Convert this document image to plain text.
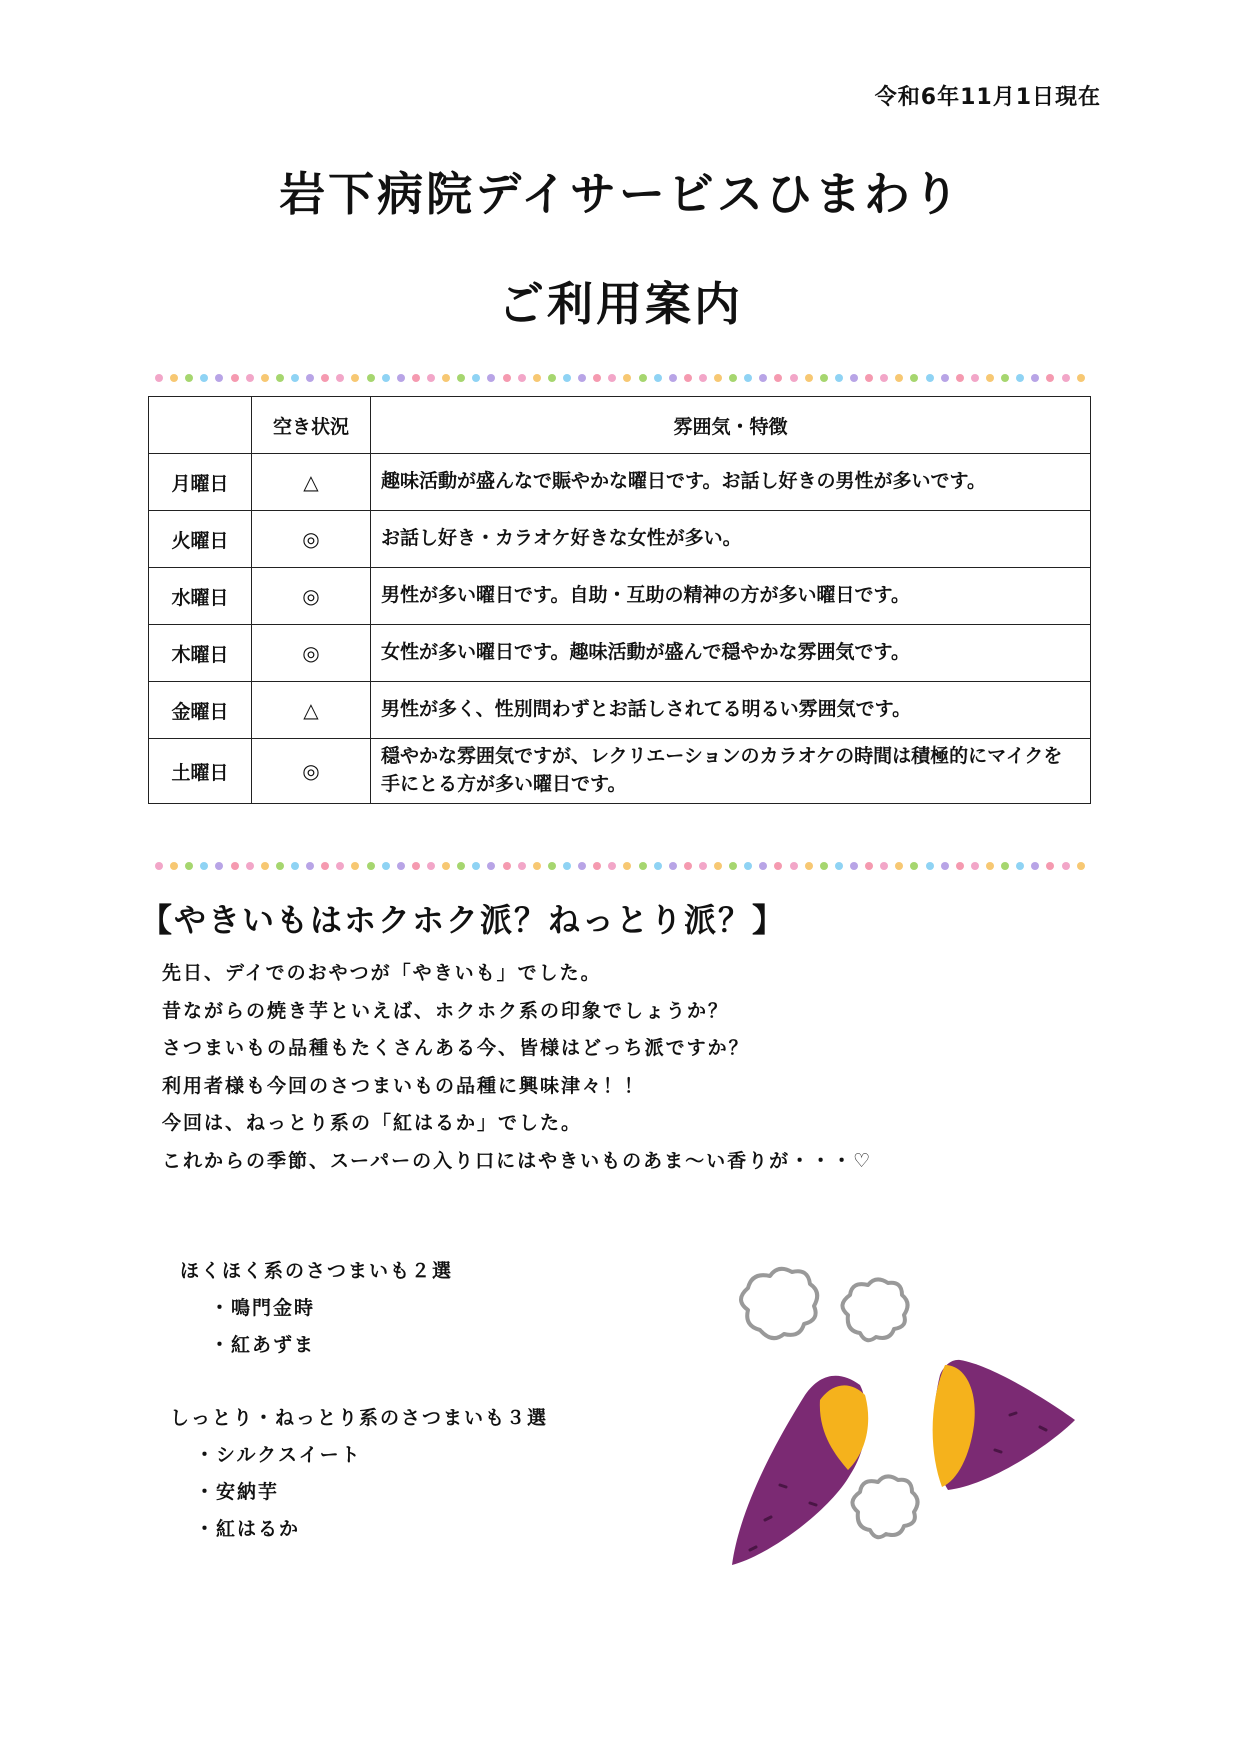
令和6年11月1日現在
岩下病院デイサービスひまわり
ご利用案内
	空き状況	雰囲気・特徴
月曜日	△	趣味活動が盛んなで賑やかな曜日です。お話し好きの男性が多いです。
火曜日	◎	お話し好き・カラオケ好きな女性が多い。
水曜日	◎	男性が多い曜日です。自助・互助の精神の方が多い曜日です。
木曜日	◎	女性が多い曜日です。趣味活動が盛んで穏やかな雰囲気です。
金曜日	△	男性が多く、性別問わずとお話しされてる明るい雰囲気です。
土曜日	◎	穏やかな雰囲気ですが、レクリエーションのカラオケの時間は積極的にマイクを手にとる方が多い曜日です。
【やきいもはホクホク派？ねっとり派？】
先日、デイでのおやつが「やきいも」でした。
昔ながらの焼き芋といえば、ホクホク系の印象でしょうか？
さつまいもの品種もたくさんある今、皆様はどっち派ですか？
利用者様も今回のさつまいもの品種に興味津々！！
今回は、ねっとり系の「紅はるか」でした。
これからの季節、スーパーの入り口にはやきいものあま～い香りが・・・♡
ほくほく系のさつまいも２選
・鳴門金時
・紅あずま
しっとり・ねっとり系のさつまいも３選
・シルクスイート
・安納芋
・紅はるか
